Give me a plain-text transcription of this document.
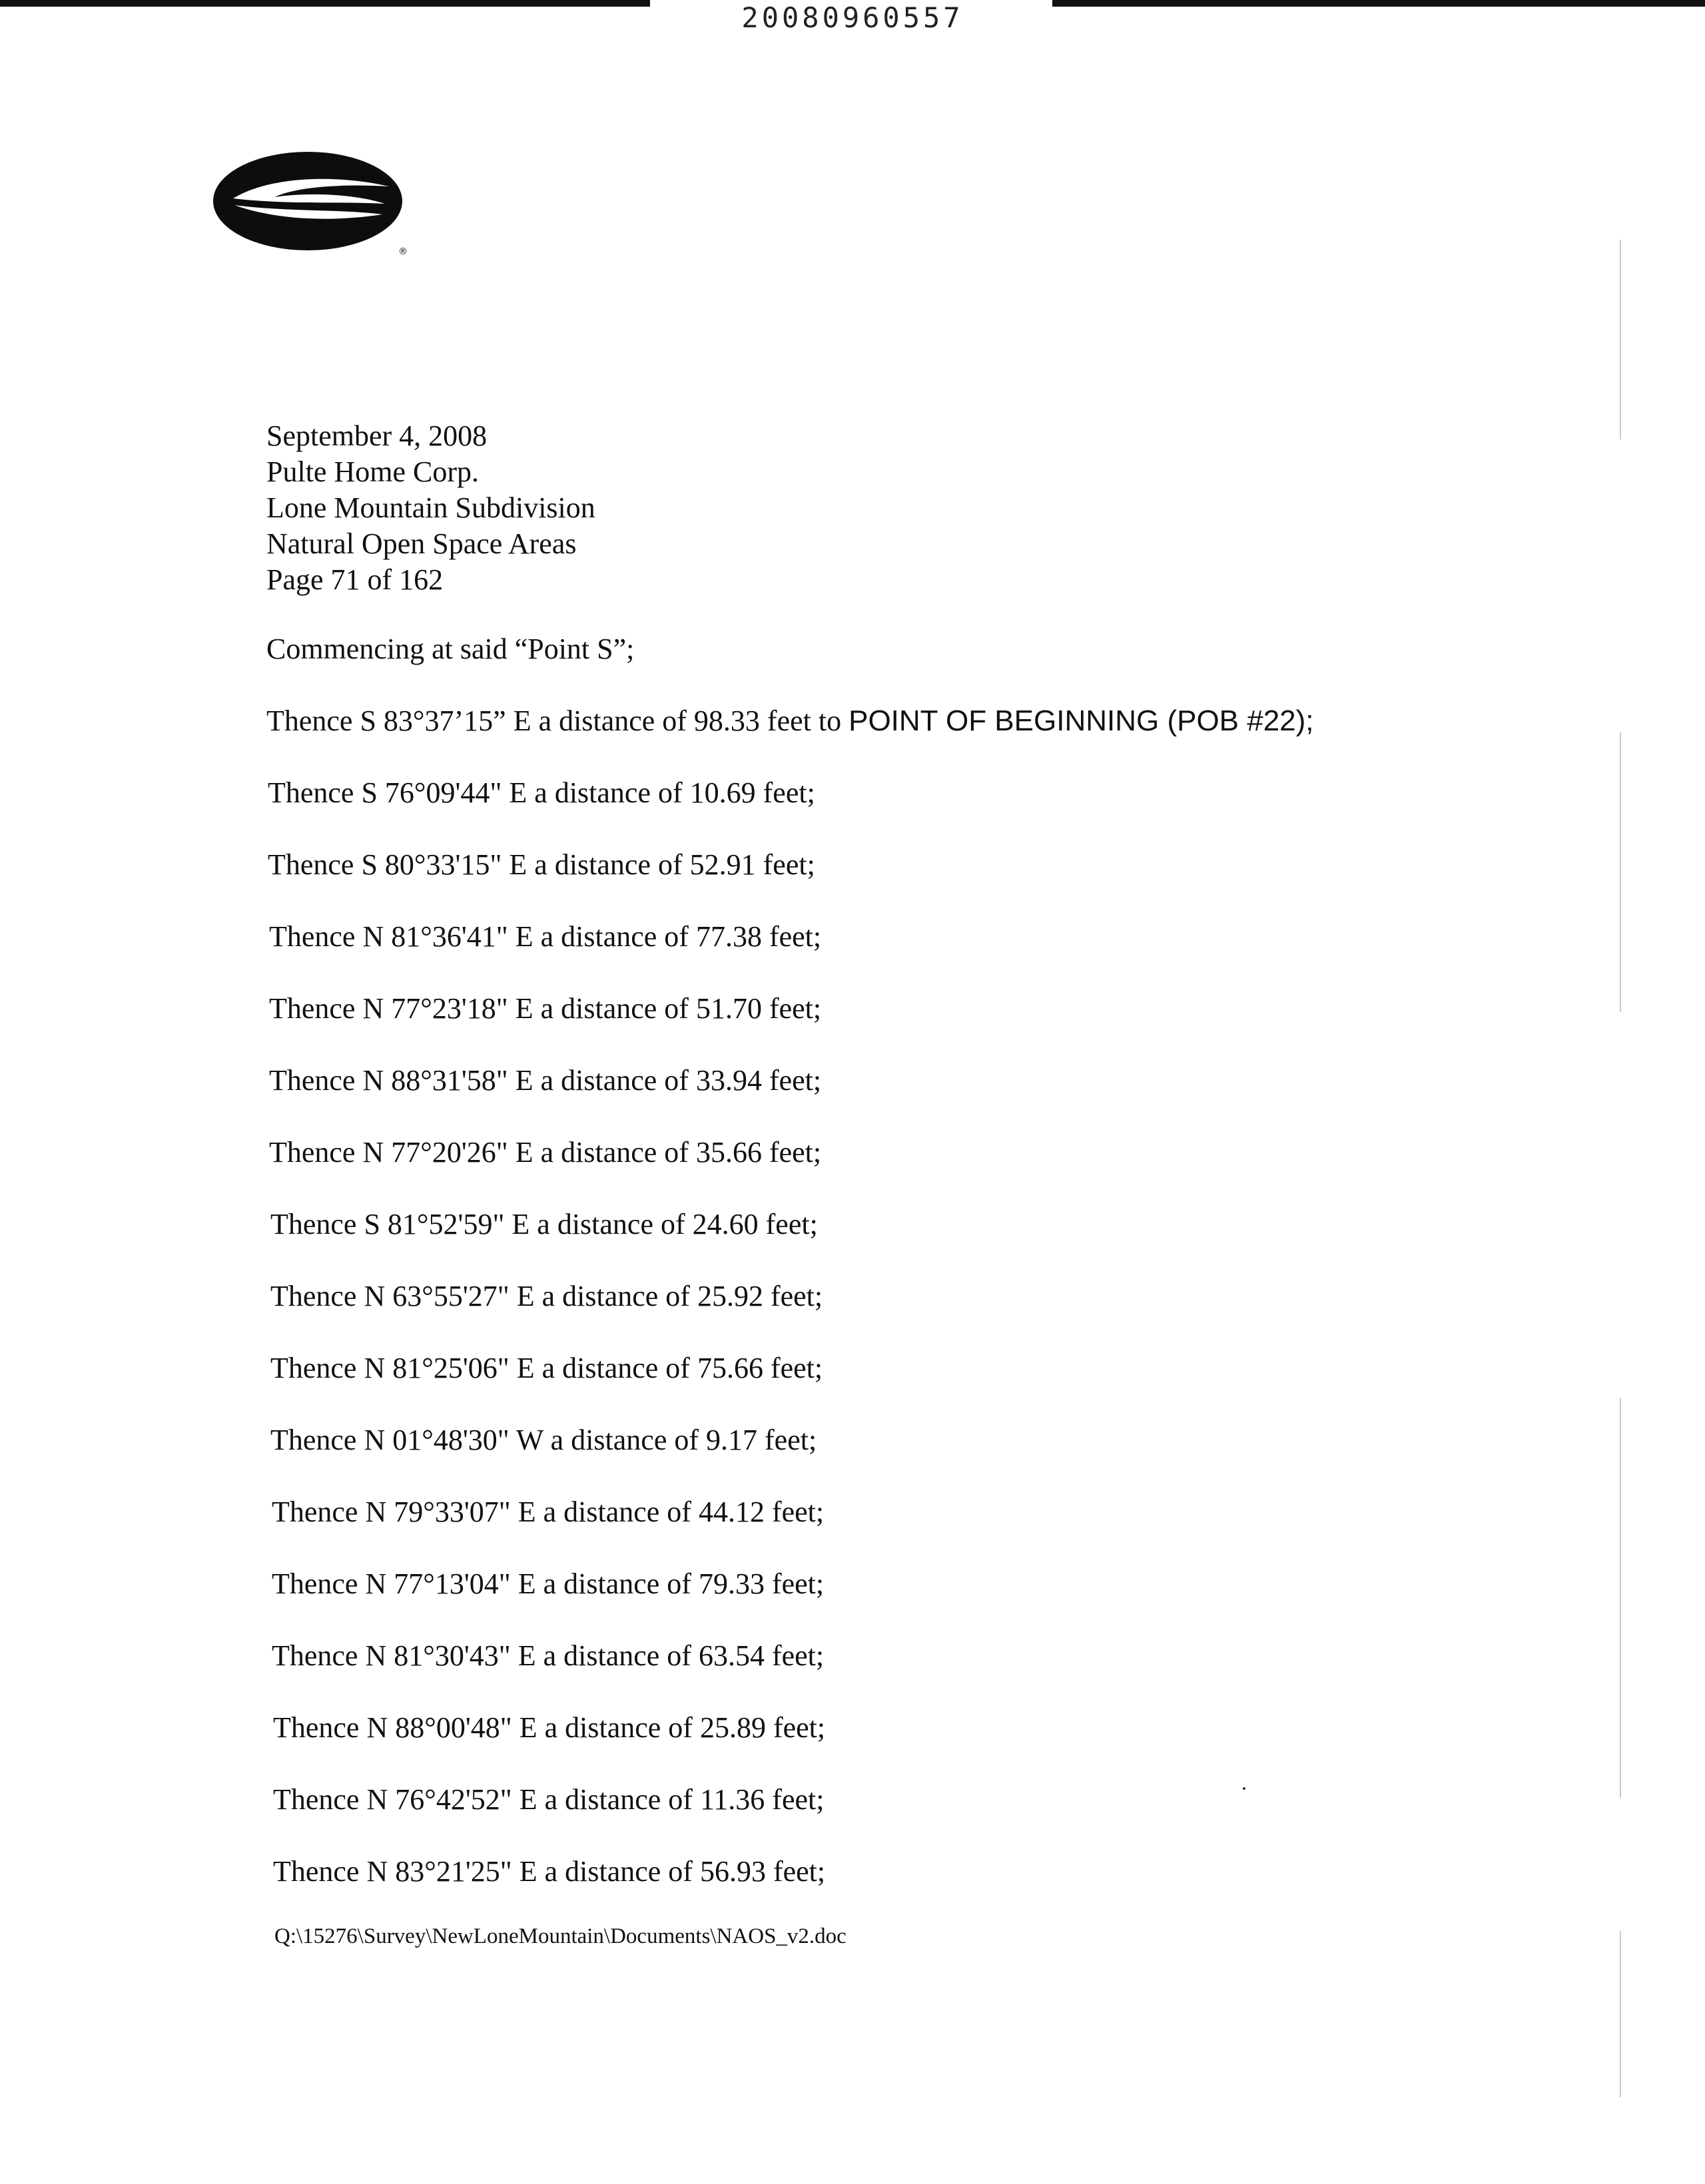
20080960557
®
September 4, 2008
Pulte Home Corp.
Lone Mountain Subdivision
Natural Open Space Areas
Page 71 of 162
Commencing at said “Point S”;
Thence S 83°37’15” E a distance of 98.33 feet to POINT OF BEGINNING (POB #22);
Thence S 76°09'44" E a distance of 10.69 feet;
Thence S 80°33'15" E a distance of 52.91 feet;
Thence N 81°36'41" E a distance of 77.38 feet;
Thence N 77°23'18" E a distance of 51.70 feet;
Thence N 88°31'58" E a distance of 33.94 feet;
Thence N 77°20'26" E a distance of 35.66 feet;
Thence S 81°52'59" E a distance of 24.60 feet;
Thence N 63°55'27" E a distance of 25.92 feet;
Thence N 81°25'06" E a distance of 75.66 feet;
Thence N 01°48'30" W a distance of 9.17 feet;
Thence N 79°33'07" E a distance of 44.12 feet;
Thence N 77°13'04" E a distance of 79.33 feet;
Thence N 81°30'43" E a distance of 63.54 feet;
Thence N 88°00'48" E a distance of 25.89 feet;
Thence N 76°42'52" E a distance of 11.36 feet;
Thence N 83°21'25" E a distance of 56.93 feet;
Q:\15276\Survey\NewLoneMountain\Documents\NAOS_v2.doc
